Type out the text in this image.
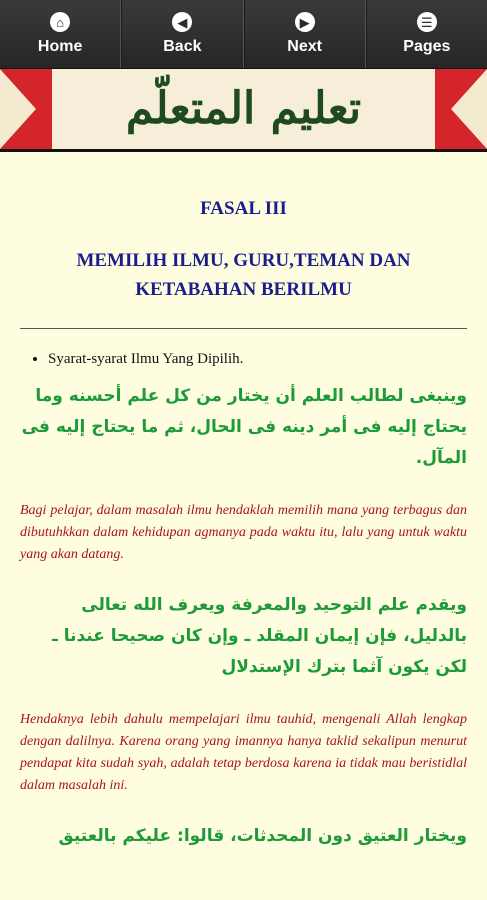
⌂
Home
◀
Back
▶
Next
☰
Pages
تعليم المتعلّم
FASAL III
MEMILIH ILMU, GURU,TEMAN DAN KETABAHAN BERILMU
• Syarat-syarat Ilmu Yang Dipilih.

وينبغى لطالب العلم أن يختار من كل علم أحسنه وما يحتاج إليه فى أمر دينه فى الحال، ثم ما يحتاج إليه فى المآل.

Bagi pelajar, dalam masalah ilmu hendaklah memilih mana yang terbagus dan dibutuhkkan dalam kehidupan agmanya pada waktu itu, lalu yang untuk waktu yang akan datang.

ويقدم علم التوحيد والمعرفة ويعرف الله تعالى بالدليل، فإن إيمان المقلد ـ وإن كان صحيحا عندنا ـ لكن يكون آثما بترك الإستدلال

Hendaknya lebih dahulu mempelajari ilmu tauhid, mengenali Allah lengkap dengan dalilnya. Karena orang yang imannya hanya taklid sekalipun menurut pendapat kita sudah syah, adalah tetap berdosa karena ia tidak mau beristidlal dalam masalah ini.

ويختار العتيق دون المحدثات، قالوا: عليكم بالعتيق
